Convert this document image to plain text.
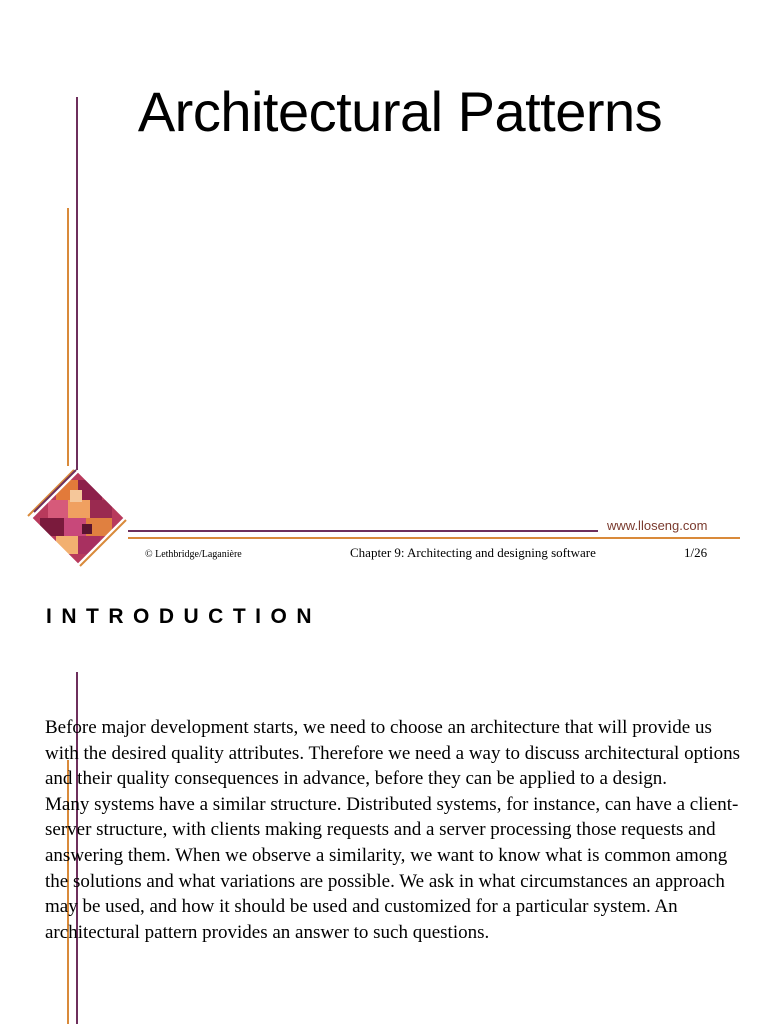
Architectural Patterns
www.lloseng.com
© Lethbridge/Laganière	Chapter 9: Architecting and designing software	1/26
INTRODUCTION

Before major development starts, we need to choose an architecture that will provide us with the desired quality attributes. Therefore we need a way to discuss architectural options and their quality consequences in advance, before they can be applied to a design.

Many systems have a similar structure. Distributed systems, for instance, can have a client-server structure, with clients making requests and a server processing those requests and answering them. When we observe a similarity, we want to know what is common among the solutions and what variations are possible. We ask in what circumstances an approach may be used, and how it should be used and customized for a particular system. An architectural pattern provides an answer to such questions.
